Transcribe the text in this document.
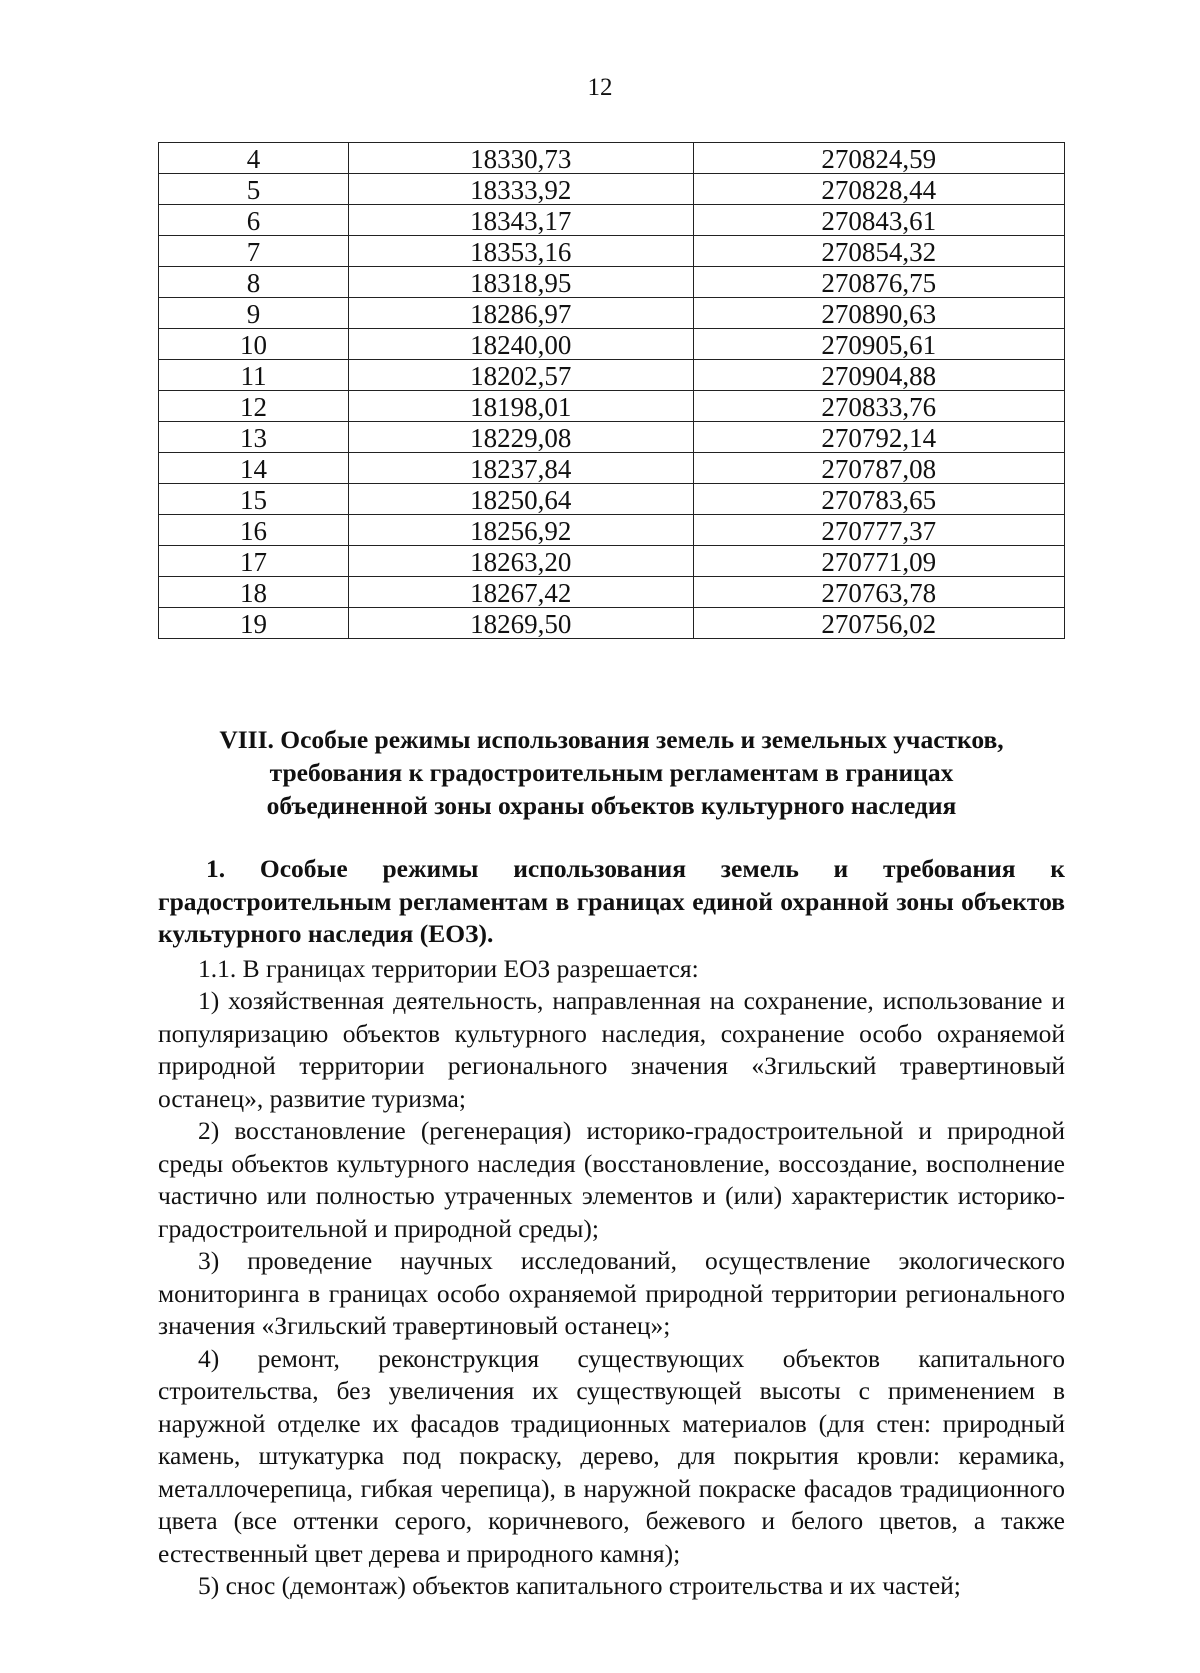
12
4	18330,73	270824,59
5	18333,92	270828,44
6	18343,17	270843,61
7	18353,16	270854,32
8	18318,95	270876,75
9	18286,97	270890,63
10	18240,00	270905,61
11	18202,57	270904,88
12	18198,01	270833,76
13	18229,08	270792,14
14	18237,84	270787,08
15	18250,64	270783,65
16	18256,92	270777,37
17	18263,20	270771,09
18	18267,42	270763,78
19	18269,50	270756,02
VIII. Особые режимы использования земель и земельных участков,
требования к градостроительным регламентам в границах
объединенной зоны охраны объектов культурного наследия

1. Особые режимы использования земель и требования к градостроительным регламентам в границах единой охранной зоны объектов культурного наследия (ЕОЗ).

1.1. В границах территории ЕОЗ разрешается:

1) хозяйственная деятельность, направленная на сохранение, использование и популяризацию объектов культурного наследия, сохранение особо охраняемой природной территории регионального значения «Згильский травертиновый останец», развитие туризма;

2) восстановление (регенерация) историко-градостроительной и природной среды объектов культурного наследия (восстановление, воссоздание, восполнение частично или полностью утраченных элементов и (или) характеристик историко-градостроительной и природной среды);

3) проведение научных исследований, осуществление экологического мониторинга в границах особо охраняемой природной территории регионального значения «Згильский травертиновый останец»;

4) ремонт, реконструкция существующих объектов капитального строительства, без увеличения их существующей высоты с применением в наружной отделке их фасадов традиционных материалов (для стен: природный камень, штукатурка под покраску, дерево, для покрытия кровли: керамика, металлочерепица, гибкая черепица), в наружной покраске фасадов традиционного цвета (все оттенки серого, коричневого, бежевого и белого цветов, а также естественный цвет дерева и природного камня);

5) снос (демонтаж) объектов капитального строительства и их частей;
